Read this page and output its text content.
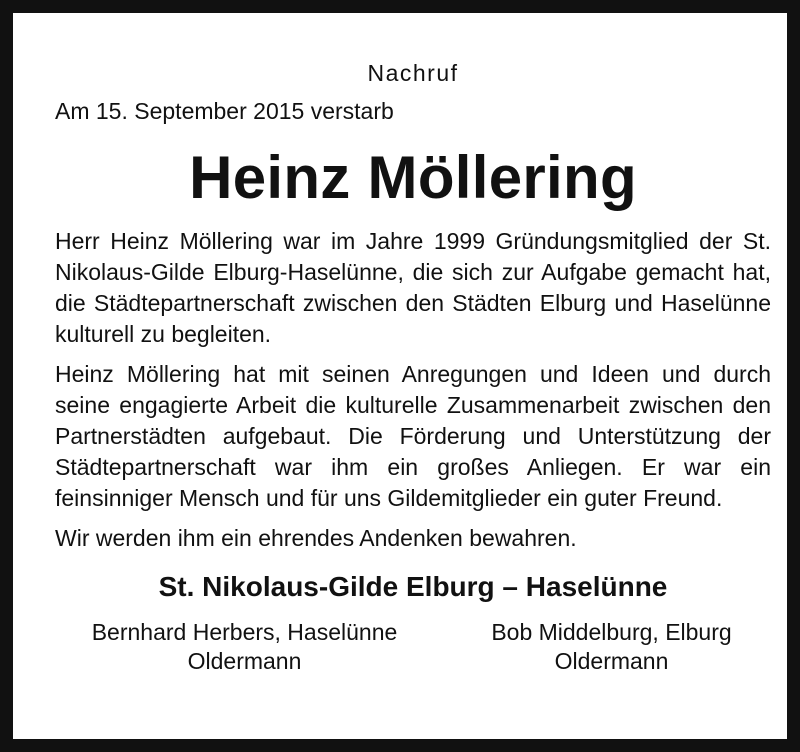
Nachruf

Am 15. September 2015 verstarb

Heinz Möllering

Herr Heinz Möllering war im Jahre 1999 Gründungsmitglied der St. Nikolaus-Gilde Elburg-Haselünne, die sich zur Aufgabe gemacht hat, die Städtepartnerschaft zwischen den Städten Elburg und Haselünne kulturell zu begleiten.

Heinz Möllering hat mit seinen Anregungen und Ideen und durch seine engagierte Arbeit die kulturelle Zusammenarbeit zwischen den Partnerstädten aufgebaut. Die Förderung und Unterstützung der Städtepartnerschaft war ihm ein großes Anliegen. Er war ein feinsinniger Mensch und für uns Gildemitglieder ein guter Freund.

Wir werden ihm ein ehrendes Andenken bewahren.

St. Nikolaus-Gilde Elburg – Haselünne

Bernhard Herbers, Haselünne
Oldermann
Bob Middelburg, Elburg
Oldermann
